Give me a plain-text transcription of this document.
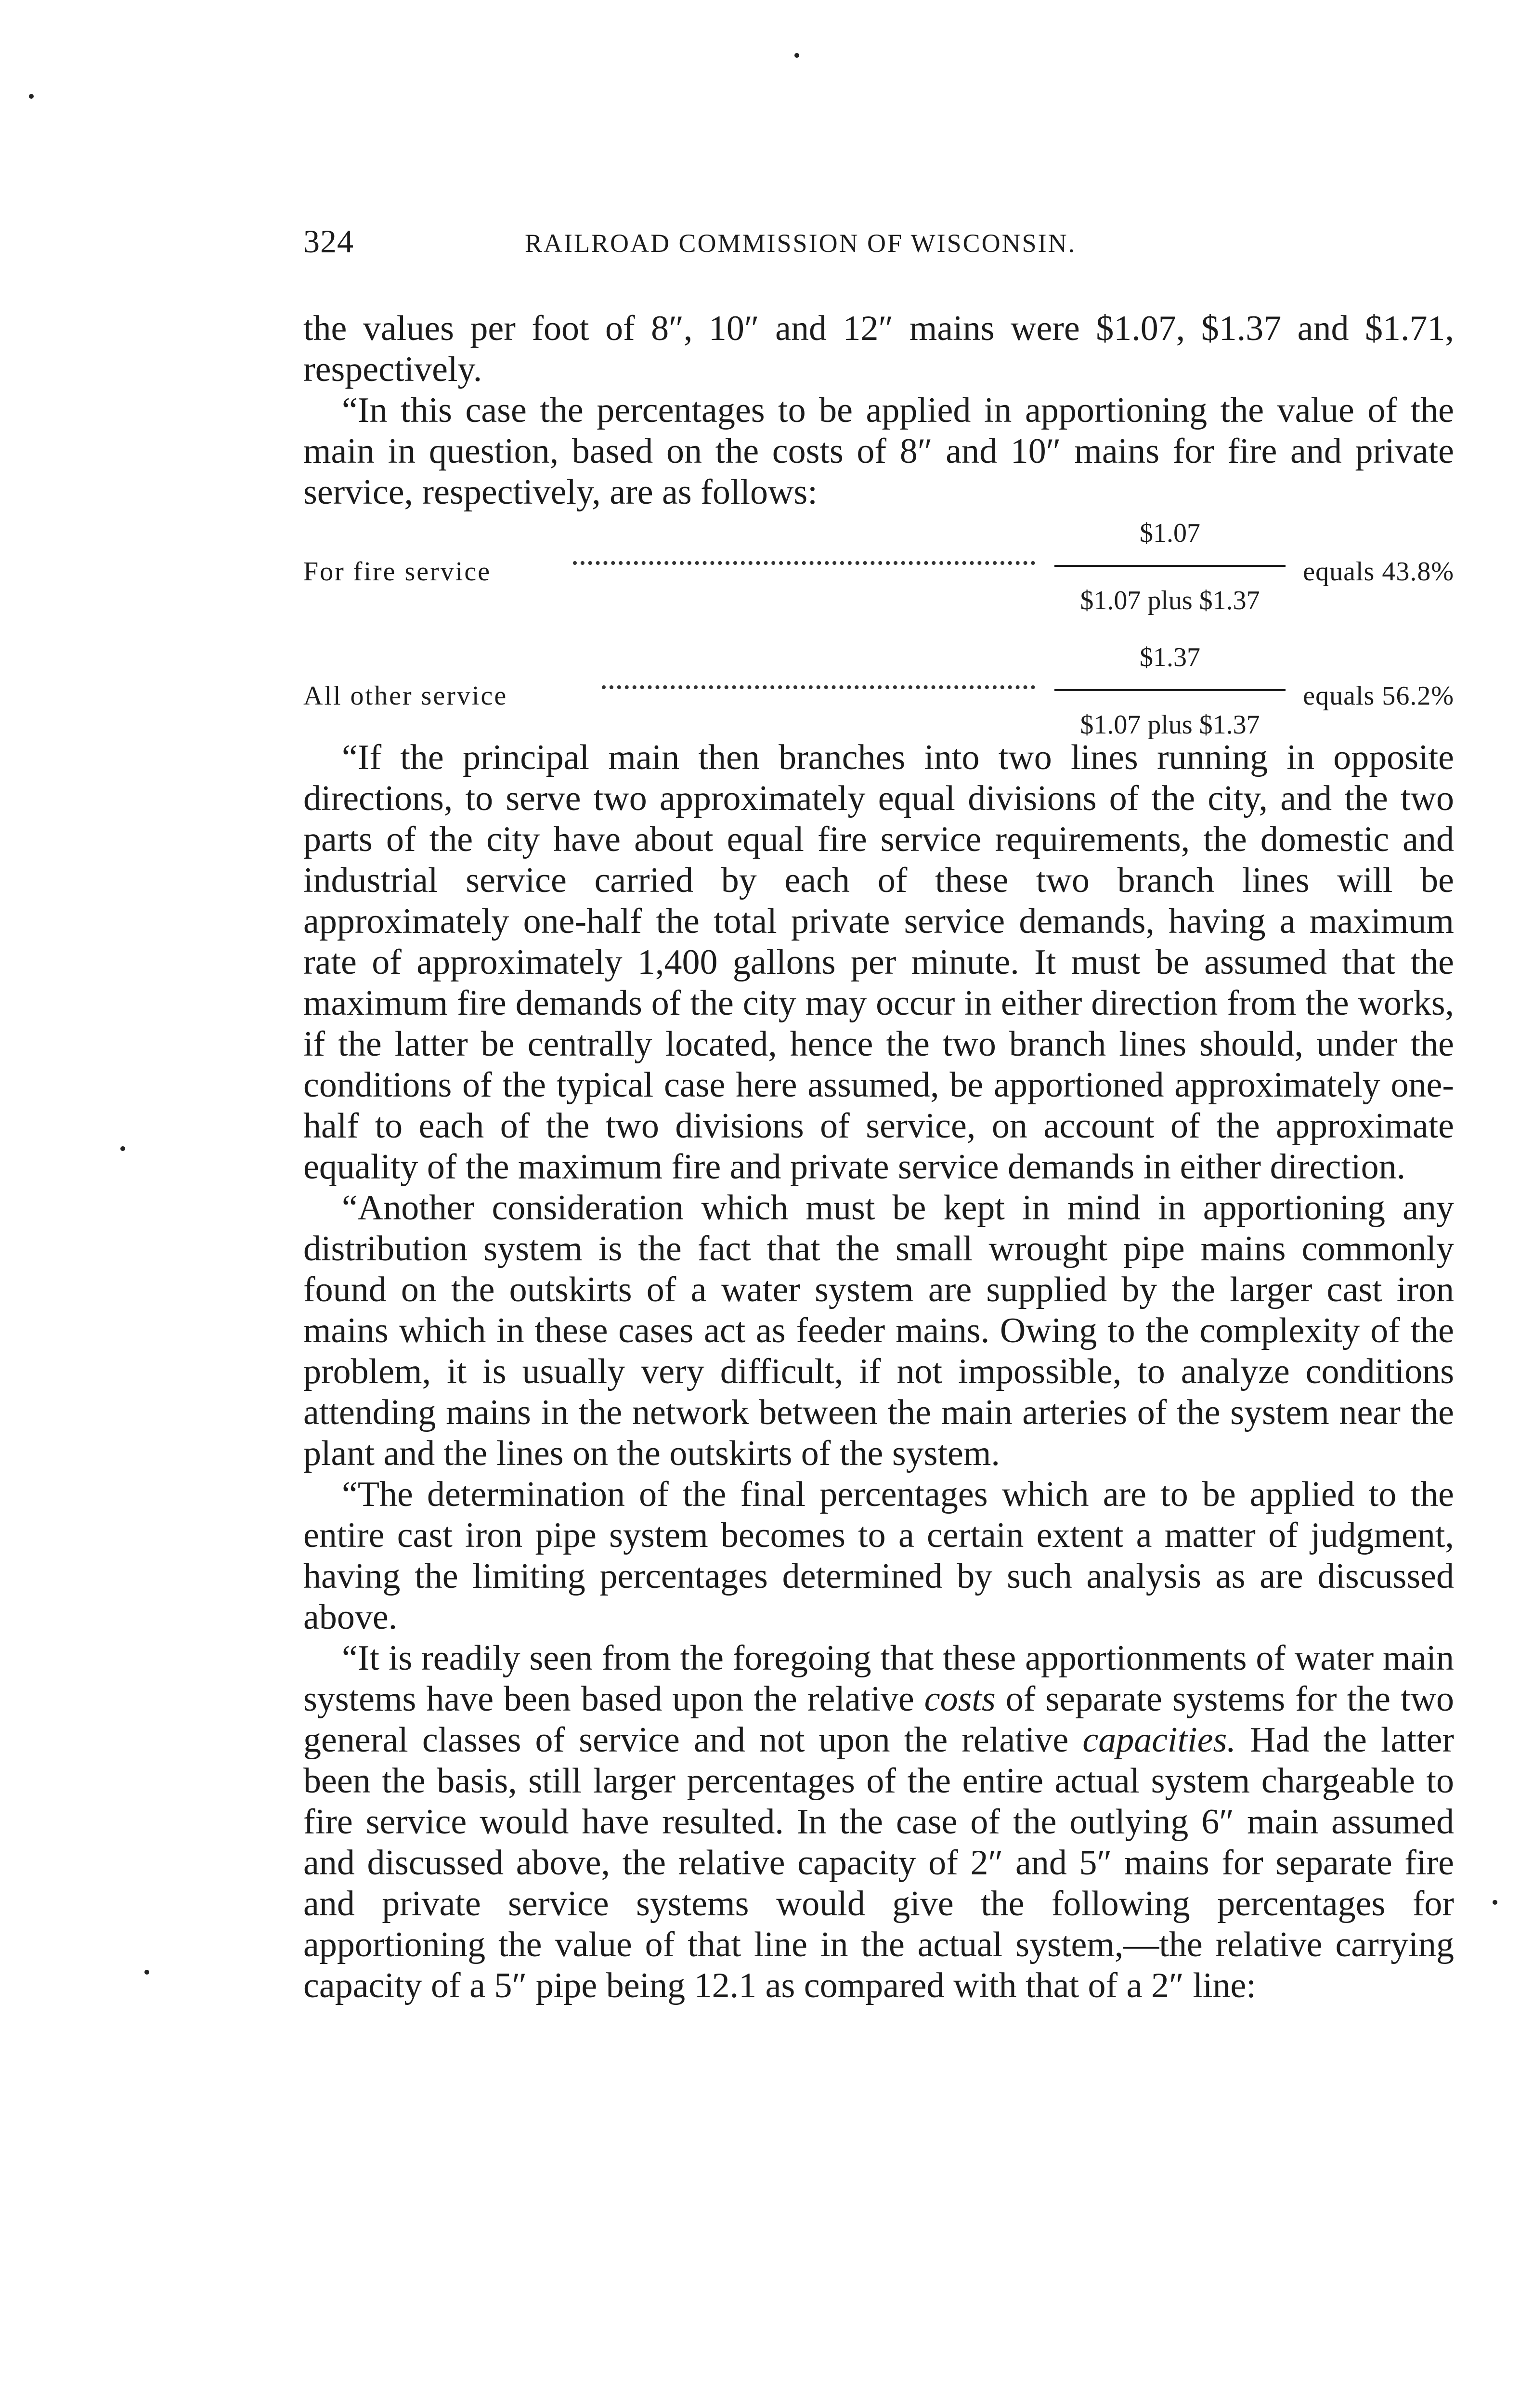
324	RAILROAD COMMISSION OF WISCONSIN.

the values per foot of 8″, 10″ and 12″ mains were $1.07, $1.37 and $1.71, respectively.

“In this case the percentages to be applied in apportioning the value of the main in question, based on the costs of 8″ and 10″ mains for fire and private service, respectively, are as follows:

For fire service
$1.07
$1.07 plus $1.37
equals 43.8%
All other service
$1.37
$1.07 plus $1.37
equals 56.2%

“If the principal main then branches into two lines running in opposite directions, to serve two approximately equal divisions of the city, and the two parts of the city have about equal fire service requirements, the domestic and industrial service carried by each of these two branch lines will be approximately one-half the total private service demands, having a maximum rate of approximately 1,400 gallons per minute. It must be assumed that the maximum fire demands of the city may occur in either direction from the works, if the latter be centrally located, hence the two branch lines should, under the conditions of the typical case here assumed, be apportioned approximately one-half to each of the two divisions of service, on account of the approximate equality of the maximum fire and private service demands in either direction.

“Another consideration which must be kept in mind in apportioning any distribution system is the fact that the small wrought pipe mains commonly found on the outskirts of a water system are supplied by the larger cast iron mains which in these cases act as feeder mains. Owing to the complexity of the problem, it is usually very difficult, if not impossible, to analyze conditions attending mains in the network between the main arteries of the system near the plant and the lines on the outskirts of the system.

“The determination of the final percentages which are to be applied to the entire cast iron pipe system becomes to a certain extent a matter of judgment, having the limiting percentages determined by such analysis as are discussed above.

“It is readily seen from the foregoing that these apportionments of water main systems have been based upon the relative costs of separate systems for the two general classes of service and not upon the relative capacities. Had the latter been the basis, still larger percentages of the entire actual system chargeable to fire service would have resulted. In the case of the outlying 6″ main assumed and discussed above, the relative capacity of 2″ and 5″ mains for separate fire and private service systems would give the following percentages for apportioning the value of that line in the actual system,—the relative carrying capacity of a 5″ pipe being 12.1 as compared with that of a 2″ line:
